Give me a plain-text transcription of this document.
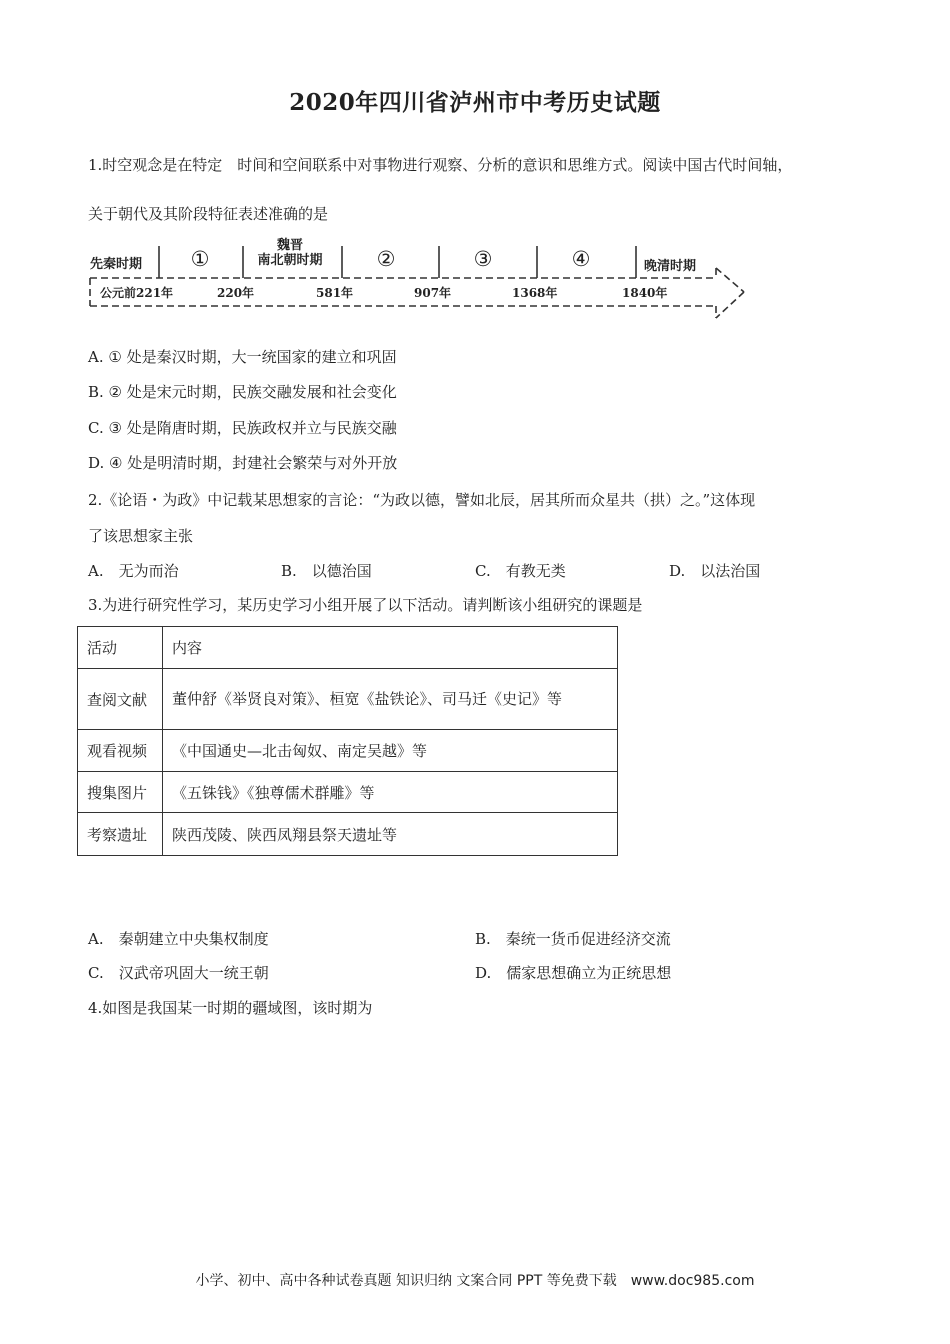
2020年四川省泸州市中考历史试题
1.时空观念是在特定　时间和空间联系中对事物进行观察、分析的意识和思维方式。阅读中国古代时间轴，
关于朝代及其阶段特征表述准确的是
先秦时期 ①
魏晋
南北朝时期	②	③	④	晚清时期
公元前221年	220年	581年	907年	1368年	1840年
A. ① 处是秦汉时期，大一统国家的建立和巩固
B. ② 处是宋元时期，民族交融发展和社会变化
C. ③ 处是隋唐时期，民族政权并立与民族交融
D. ④ 处是明清时期，封建社会繁荣与对外开放
2.《论语・为政》中记载某思想家的言论：“为政以德，譬如北辰，居其所而众星共（拱）之。”这体现
了该思想家主张
A.　无为而治	B.　以德治国	C.　有教无类	D.　以法治国
3.为进行研究性学习，某历史学习小组开展了以下活动。请判断该小组研究的课题是
活动	内容
查阅文献	董仲舒《举贤良对策》、桓宽《盐铁论》、司马迁《史记》等
观看视频	《中国通史—北击匈奴、南定吴越》等
搜集图片	《五铢钱》《独尊儒术群雕》等
考察遗址	陕西茂陵、陕西凤翔县祭天遗址等
A.　秦朝建立中央集权制度	B.　秦统一货币促进经济交流
C.　汉武帝巩固大一统王朝	D.　儒家思想确立为正统思想
4.如图是我国某一时期的疆域图，该时期为
小学、初中、高中各种试卷真题 知识归纳 文案合同 PPT 等免费下载　www.doc985.com
